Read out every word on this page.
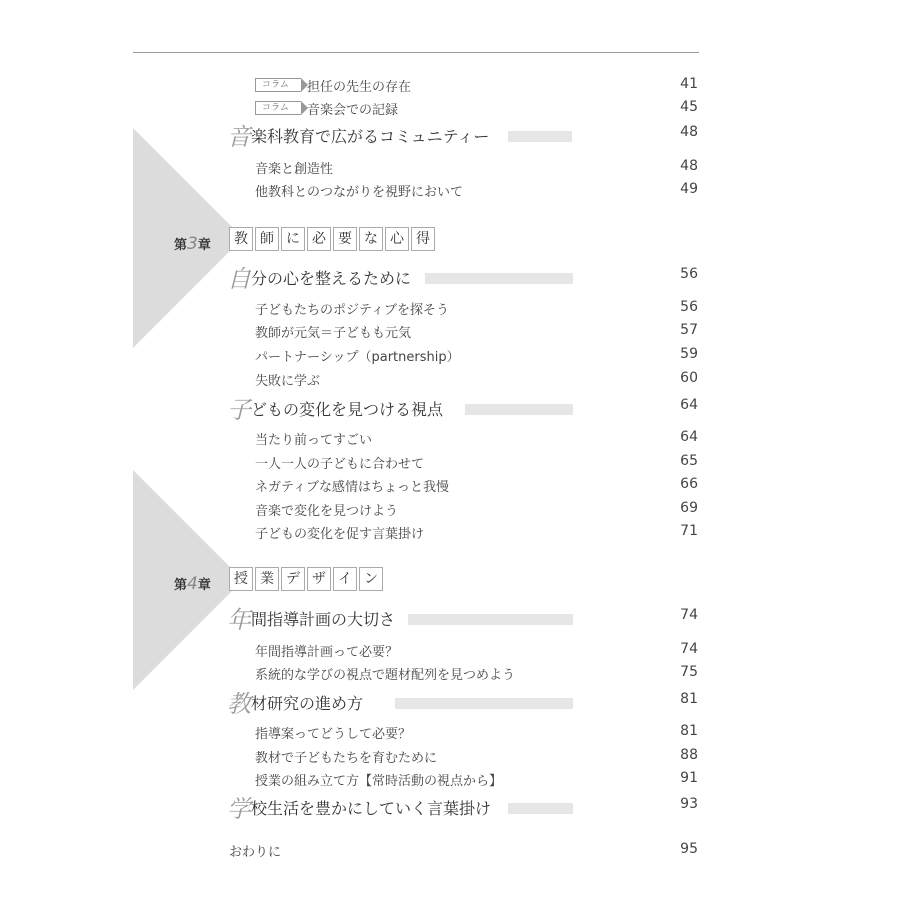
コラム	担任の先生の存在	41
コラム	音楽会での記録	45
音 楽科教育で広がるコミュニティー	48
音楽と創造性	48
他教科とのつながりを視野において	49
第3章	教 師 に 必 要 な 心 得
自 分の心を整えるために	56
子どもたちのポジティブを探そう	56
教師が元気＝子どもも元気	57
パートナーシップ（partnership）	59
失敗に学ぶ	60
子 どもの変化を見つける視点	64
当たり前ってすごい	64
一人一人の子どもに合わせて	65
ネガティブな感情はちょっと我慢	66
音楽で変化を見つけよう	69
子どもの変化を促す言葉掛け	71
第4章	授 業 デ ザ イ ン
年 間指導計画の大切さ	74
年間指導計画って必要？	74
系統的な学びの視点で題材配列を見つめよう	75
教 材研究の進め方	81
指導案ってどうして必要？	81
教材で子どもたちを育むために	88
授業の組み立て方【常時活動の視点から】	91
学 校生活を豊かにしていく言葉掛け	93
おわりに	95
